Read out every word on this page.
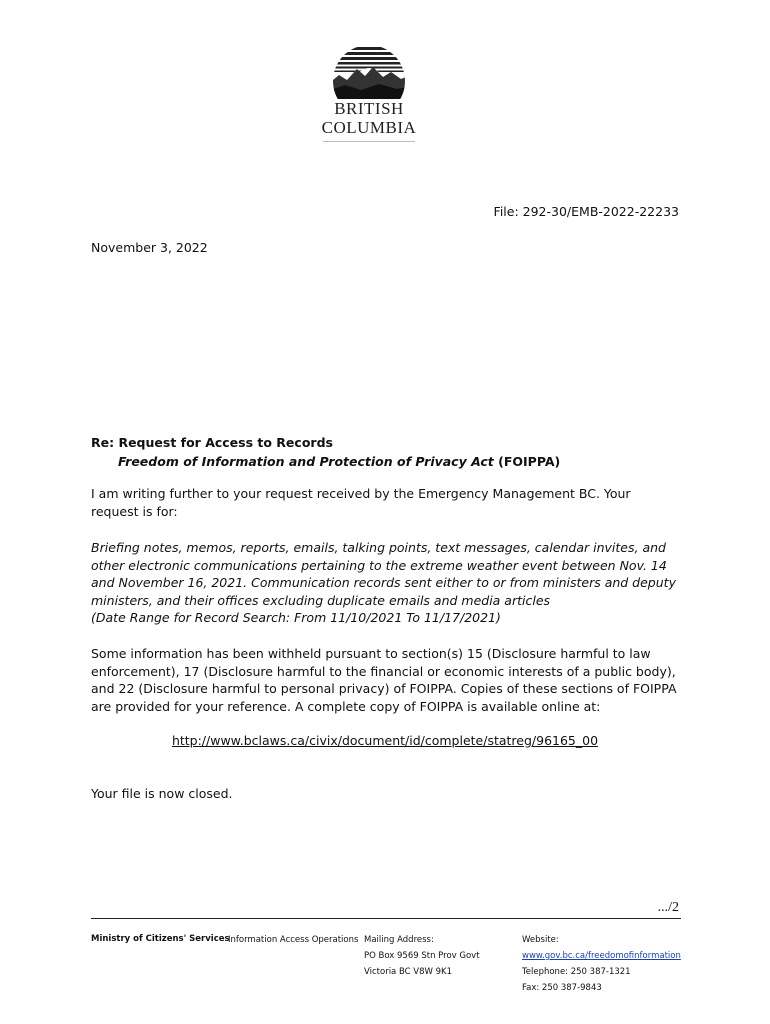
BRITISH
COLUMBIA
File: 292-30/EMB-2022-22233
November 3, 2022
Re: Request for Access to Records
Freedom of Information and Protection of Privacy Act (FOIPPA)
I am writing further to your request received by the Emergency Management BC. Your request is for:
Briefing notes, memos, reports, emails, talking points, text messages, calendar invites, and other electronic communications pertaining to the extreme weather event between Nov. 14 and November 16, 2021. Communication records sent either to or from ministers and deputy ministers, and their offices excluding duplicate emails and media articles
(Date Range for Record Search: From 11/10/2021 To 11/17/2021)
Some information has been withheld pursuant to section(s) 15 (Disclosure harmful to law enforcement), 17 (Disclosure harmful to the financial or economic interests of a public body), and 22 (Disclosure harmful to personal privacy) of FOIPPA. Copies of these sections of FOIPPA are provided for your reference. A complete copy of FOIPPA is available online at:
http://www.bclaws.ca/civix/document/id/complete/statreg/96165_00
Your file is now closed.
.../2
Ministry of Citizens' Services
Information Access Operations Mailing Address:
PO Box 9569 Stn Prov Govt
Victoria BC V8W 9K1
Website:
www.gov.bc.ca/freedomofinformation
Telephone: 250 387-1321
Fax: 250 387-9843
